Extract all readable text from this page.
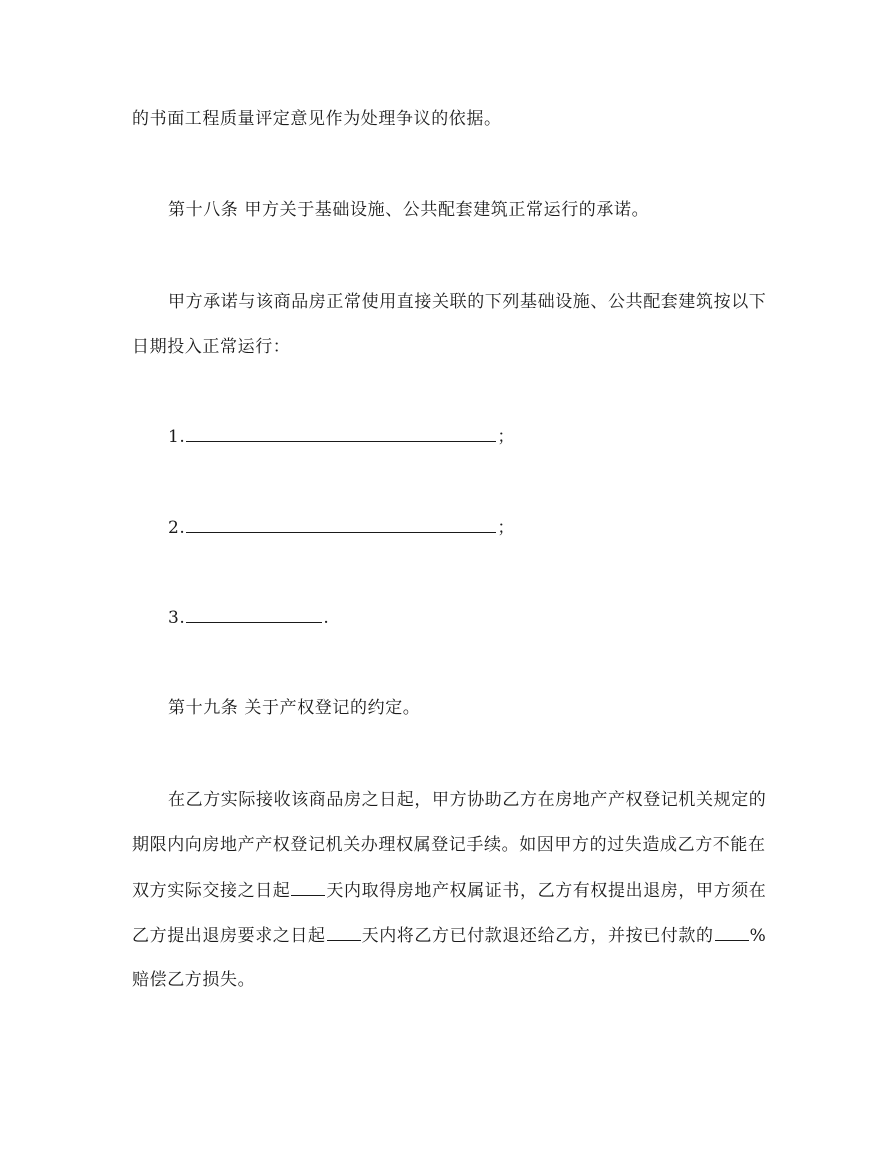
的书面工程质量评定意见作为处理争议的依据。
第十八条 甲方关于基础设施、公共配套建筑正常运行的承诺。
甲方承诺与该商品房正常使用直接关联的下列基础设施、公共配套建筑按以下
日期投入正常运行：
1.	；
2.	；
3.	.
第十九条 关于产权登记的约定。
在乙方实际接收该商品房之日起，甲方协助乙方在房地产产权登记机关规定的
期限内向房地产产权登记机关办理权属登记手续。如因甲方的过失造成乙方不能在
双方实际交接之日起 天内取得房地产权属证书，乙方有权提出退房，甲方须在
乙方提出退房要求之日起 天内将乙方已付款退还给乙方，并按已付款的 %
赔偿乙方损失。
